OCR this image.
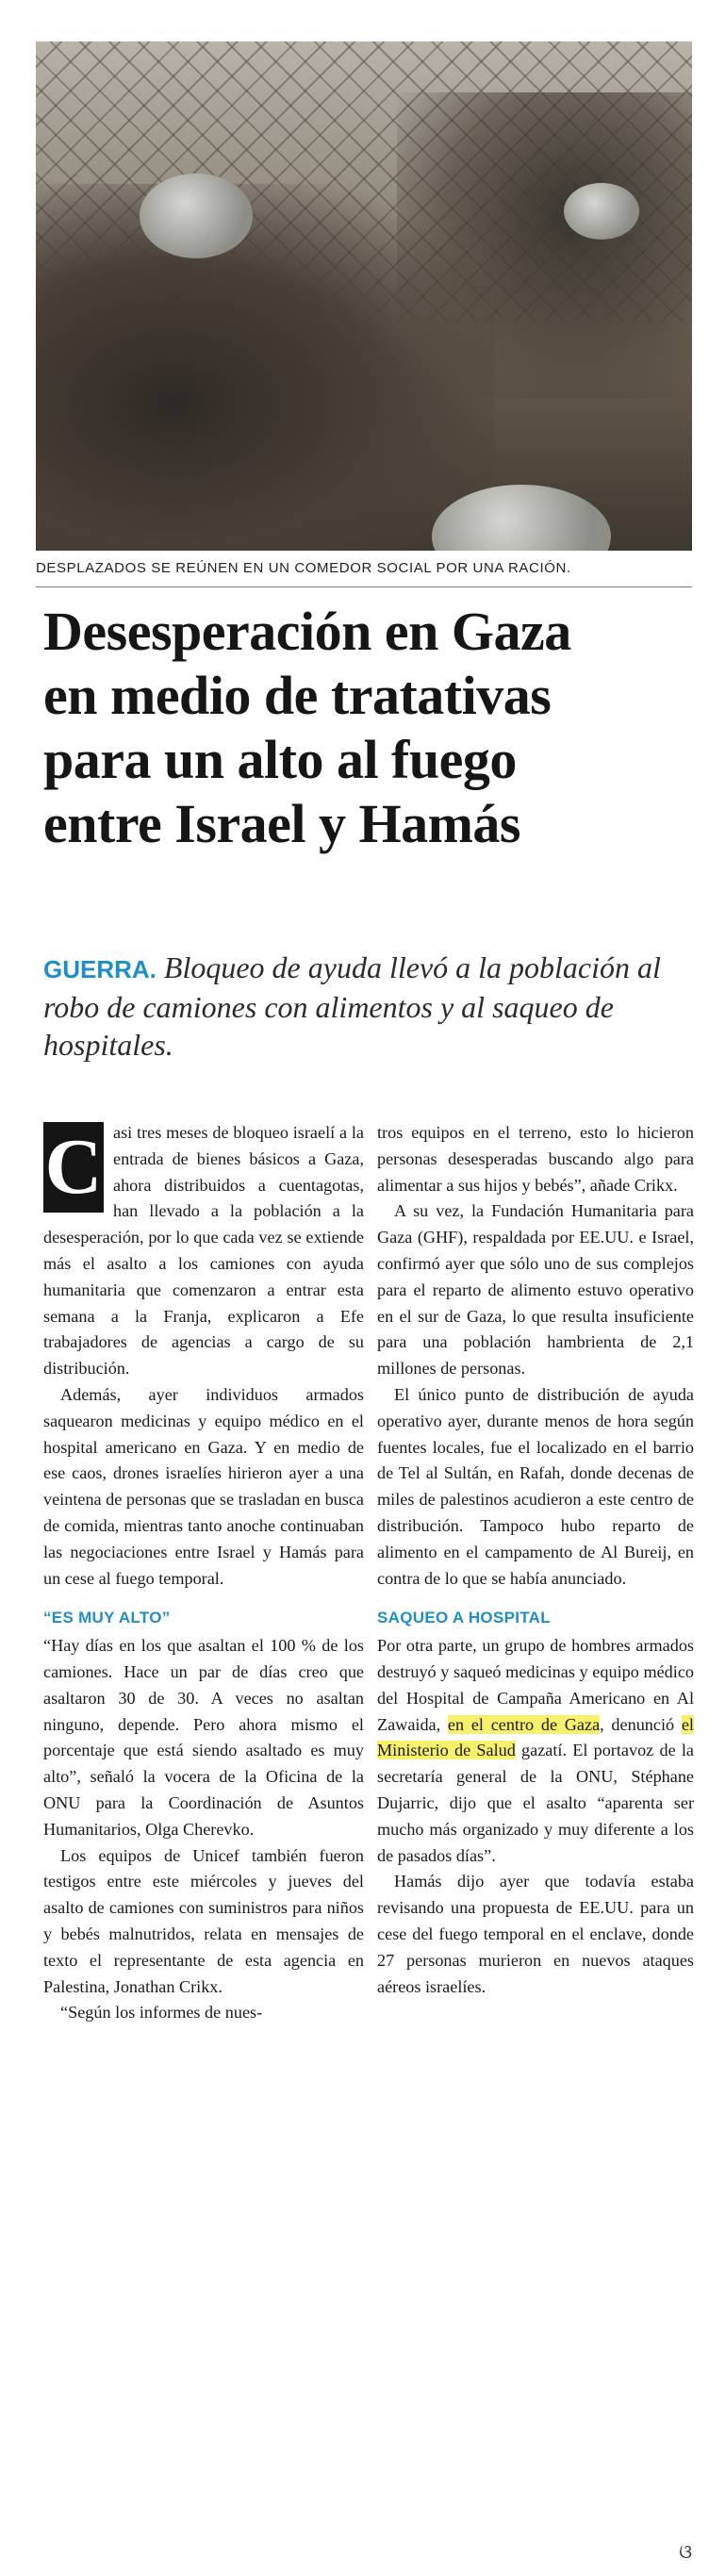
DESPLAZADOS SE REÚNEN EN UN COMEDOR SOCIAL POR UNA RACIÓN.
Desesperación en Gaza
en medio de tratativas
para un alto al fuego
entre Israel y Hamás
GUERRA. Bloqueo de ayuda llevó a la población al robo de camiones con alimentos y al saqueo de hospitales.

C asi tres meses de bloqueo israelí a la entrada de bienes básicos a Gaza, ahora distribuidos a cuentagotas, han llevado a la población a la desesperación, por lo que cada vez se extiende más el asalto a los camiones con ayuda humanitaria que comenzaron a entrar esta semana a la Franja, explicaron a Efe trabajadores de agencias a cargo de su distribución.

Además, ayer individuos armados saquearon medicinas y equipo médico en el hospital americano en Gaza. Y en medio de ese caos, drones israelíes hirieron ayer a una veintena de personas que se trasladan en busca de comida, mientras tanto anoche continuaban las negociaciones entre Israel y Hamás para un cese al fuego temporal.

“ES MUY ALTO”

“Hay días en los que asaltan el 100 % de los camiones. Hace un par de días creo que asaltaron 30 de 30. A veces no asaltan ninguno, depende. Pero ahora mismo el porcentaje que está siendo asaltado es muy alto”, señaló la vocera de la Oficina de la ONU para la Coordinación de Asuntos Humanitarios, Olga Cherevko.

Los equipos de Unicef también fueron testigos entre este miércoles y jueves del asalto de camiones con suministros para niños y bebés malnutridos, relata en mensajes de texto el representante de esta agencia en Palestina, Jonathan Crikx.

“Según los informes de nues-

tros equipos en el terreno, esto lo hicieron personas desesperadas buscando algo para alimentar a sus hijos y bebés”, añade Crikx.

A su vez, la Fundación Humanitaria para Gaza (GHF), respaldada por EE.UU. e Israel, confirmó ayer que sólo uno de sus complejos para el reparto de alimento estuvo operativo en el sur de Gaza, lo que resulta insuficiente para una población hambrienta de 2,1 millones de personas.

El único punto de distribución de ayuda operativo ayer, durante menos de hora según fuentes locales, fue el localizado en el barrio de Tel al Sultán, en Rafah, donde decenas de miles de palestinos acudieron a este centro de distribución. Tampoco hubo reparto de alimento en el campamento de Al Bureij, en contra de lo que se había anunciado.

SAQUEO A HOSPITAL

Por otra parte, un grupo de hombres armados destruyó y saqueó medicinas y equipo médico del Hospital de Campaña Americano en Al Zawaida, en el centro de Gaza, denunció el Ministerio de Salud gazatí. El portavoz de la secretaría general de la ONU, Stéphane Dujarric, dijo que el asalto “aparenta ser mucho más organizado y muy diferente a los de pasados días”.

Hamás dijo ayer que todavía estaba revisando una propuesta de EE.UU. para un cese del fuego temporal en el enclave, donde 27 personas murieron en nuevos ataques aéreos israelíes.

ଓ
